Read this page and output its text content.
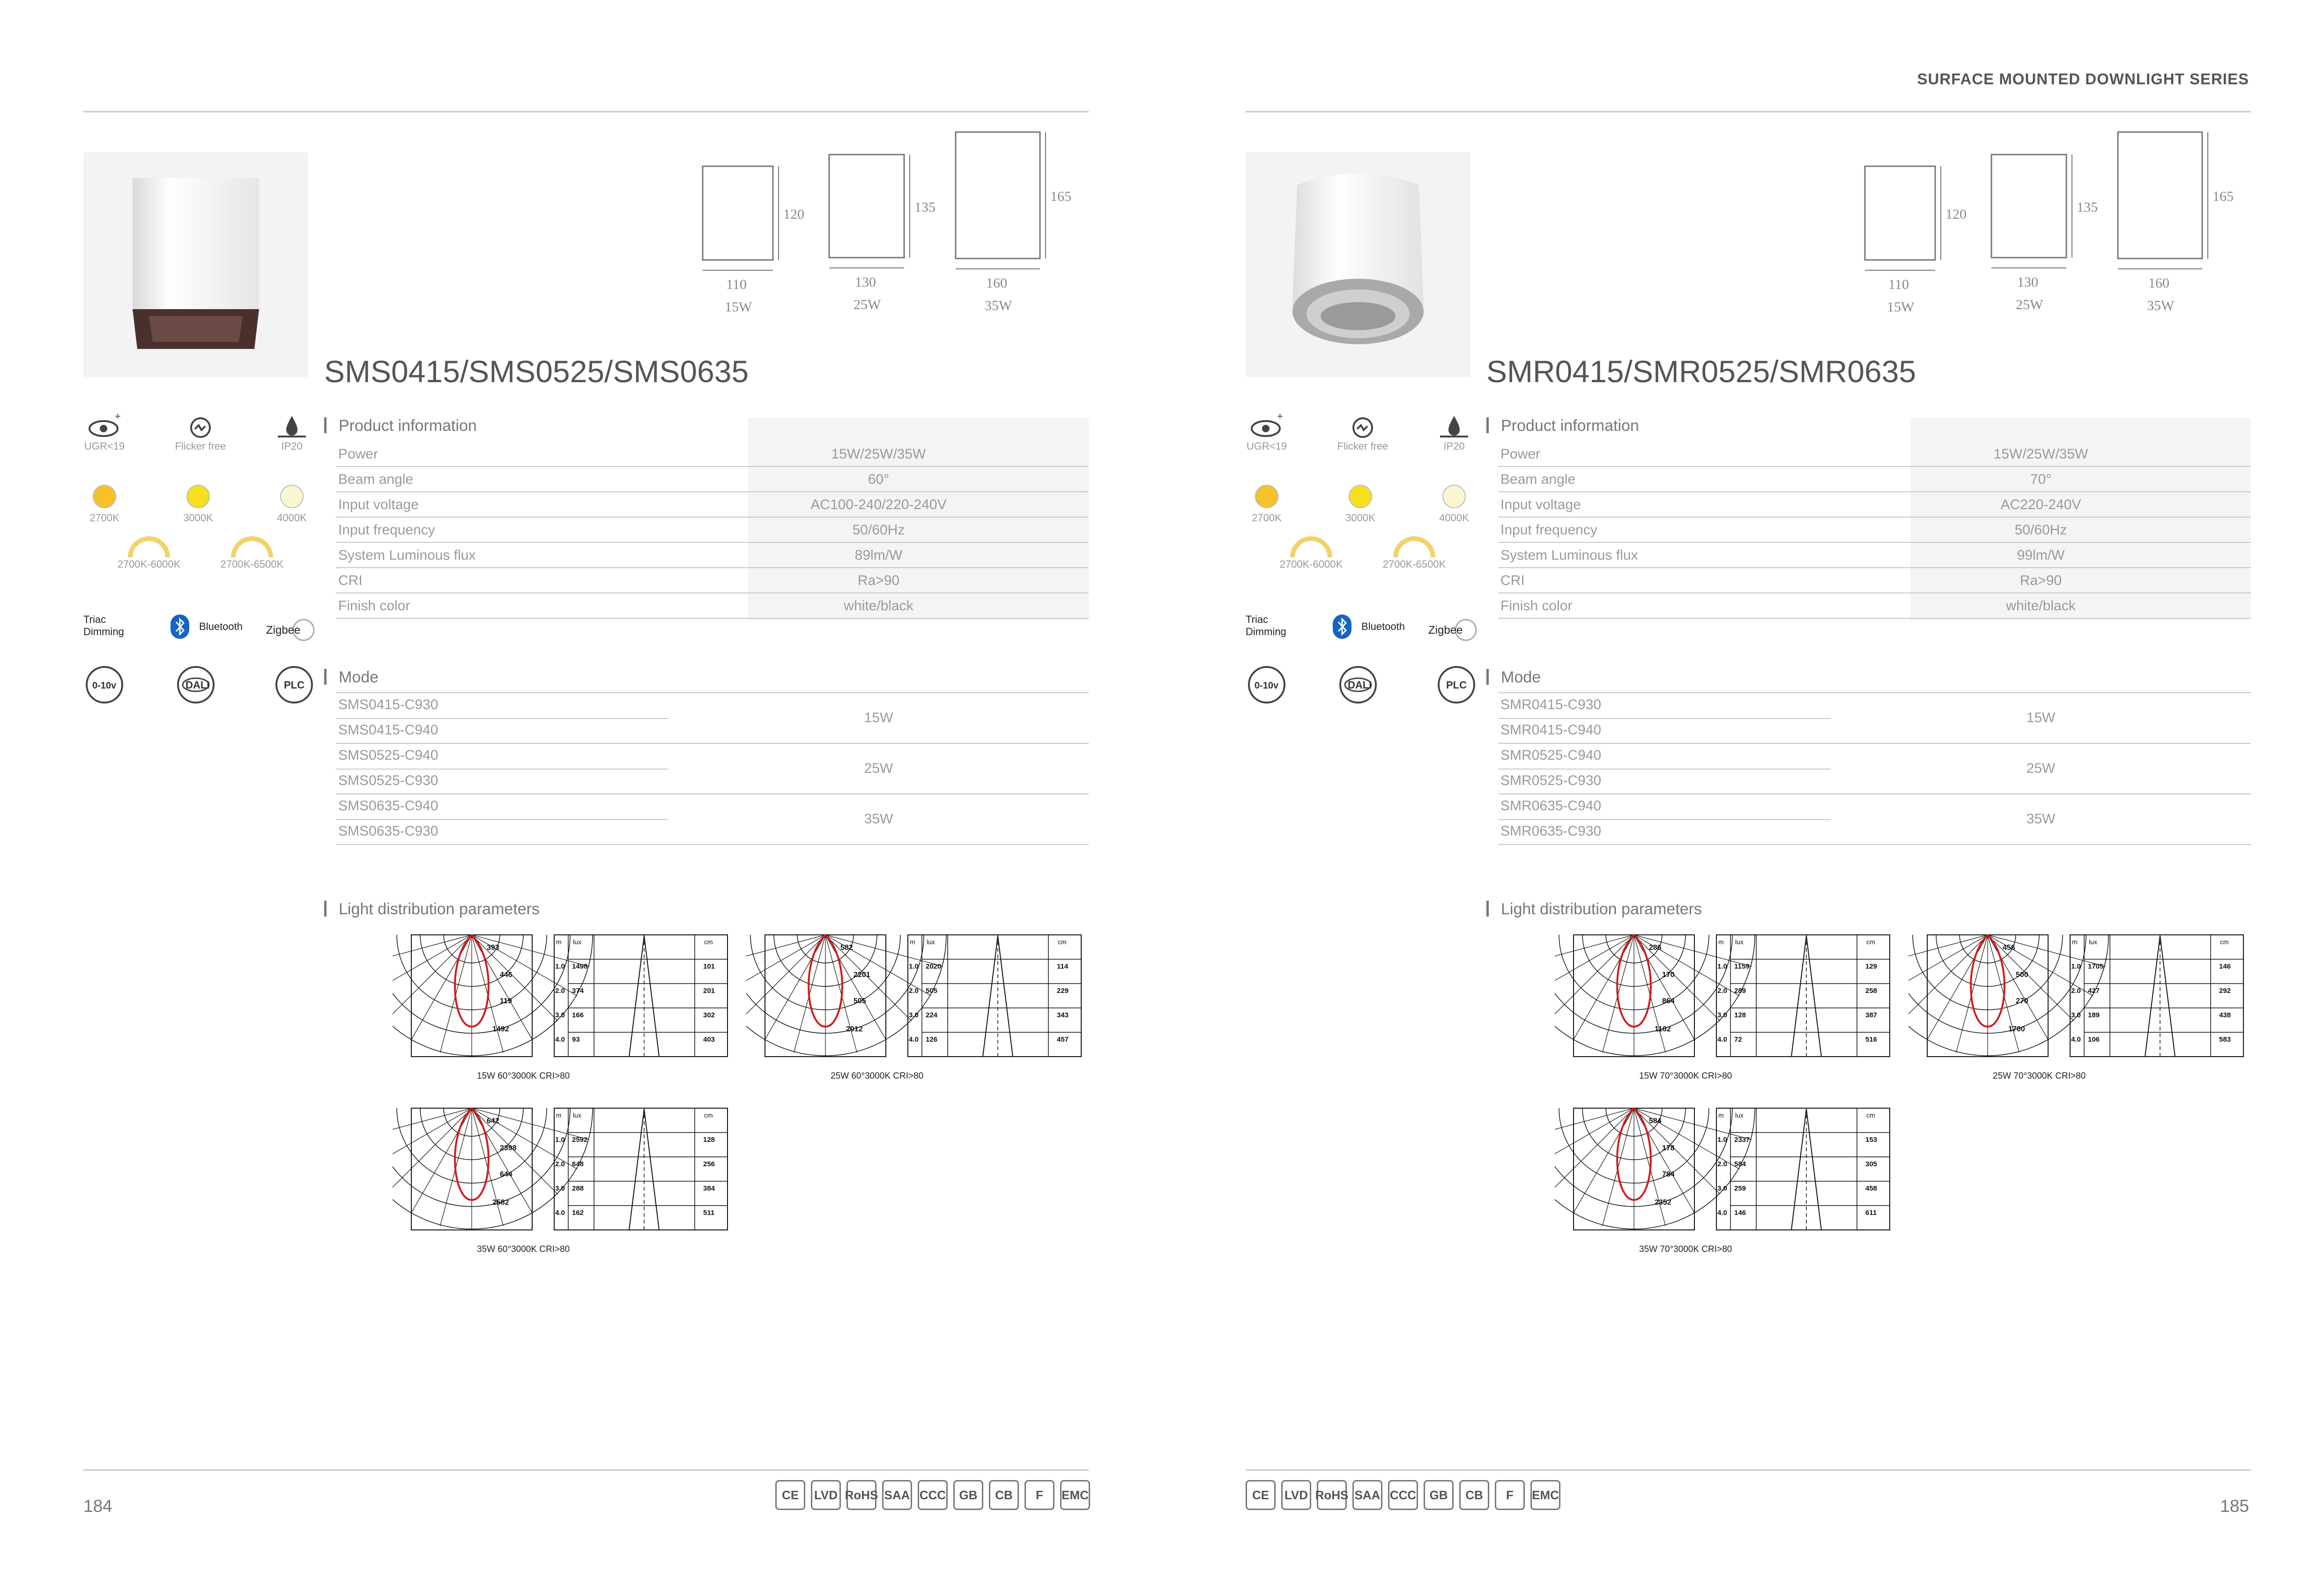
120
110
15W
135
130
25W
165
160
35W
SMS0415/SMS0525/SMS0635
+
UGR<19	Flicker free	IP20
2700K	3000K	4000K
2700K-6000K	2700K-6500K
Triac Dimming	Bluetooth Zigbee
0-10v	DALI	PLC
Product information
Power	15W/25W/35W
Beam angle	60°
Input voltage	AC100-240/220-240V
Input frequency	50/60Hz
System Luminous flux	89lm/W
CRI	Ra>90
Finish color	white/black
Mode
SMS0415-C930
SMS0415-C940
15W
SMS0525-C940
SMS0525-C930
25W
SMS0635-C940
SMS0635-C930
35W
Light distribution parameters
393
446
119
1492
m lux	cm
1.0 1498	101
2.0 374	201
3.0 166	302
4.0 93	403
15W 60°3000K CRI>80
582
2201
505
2012
m lux	cm
1.0 2020	114
2.0 505	229
3.0 224	343
4.0 126	457
25W 60°3000K CRI>80
642
2398
644
2582
m lux	cm
1.0 2592	128
2.0 648	256
3.0 288	384
4.0 162	511
35W 60°3000K CRI>80
184
CE	LVD RoHS SAA CCC	GB	CB	F	EMC
SURFACE MOUNTED DOWNLIGHT SERIES
120
110
15W
135
130
25W
165
160
35W
SMR0415/SMR0525/SMR0635
+
UGR<19	Flicker free	IP20
2700K	3000K	4000K
2700K-6000K	2700K-6500K
Triac Dimming	Bluetooth Zigbee
0-10v	DALI	PLC
Product information
Power	15W/25W/35W
Beam angle	70°
Input voltage	AC220-240V
Input frequency	50/60Hz
System Luminous flux	99lm/W
CRI	Ra>90
Finish color	white/black
Mode
SMR0415-C930
SMR0415-C940
15W
SMR0525-C940
SMR0525-C930
25W
SMR0635-C940
SMR0635-C930
35W
Light distribution parameters
286
170
864
1162
m lux	cm
1.0 1159	129
2.0 289	258
3.0 128	387
4.0 72	516
15W 70°3000K CRI>80
456
500
270
1700
m lux	cm
1.0 1705	146
2.0 427	292
3.0 189	438
4.0 106	583
25W 70°3000K CRI>80
584
178
784
2352
m lux	cm
1.0 2337	153
2.0 584	305
3.0 259	458
4.0 146	611
35W 70°3000K CRI>80
185
CE	LVD RoHS SAA CCC	GB	CB	F	EMC
